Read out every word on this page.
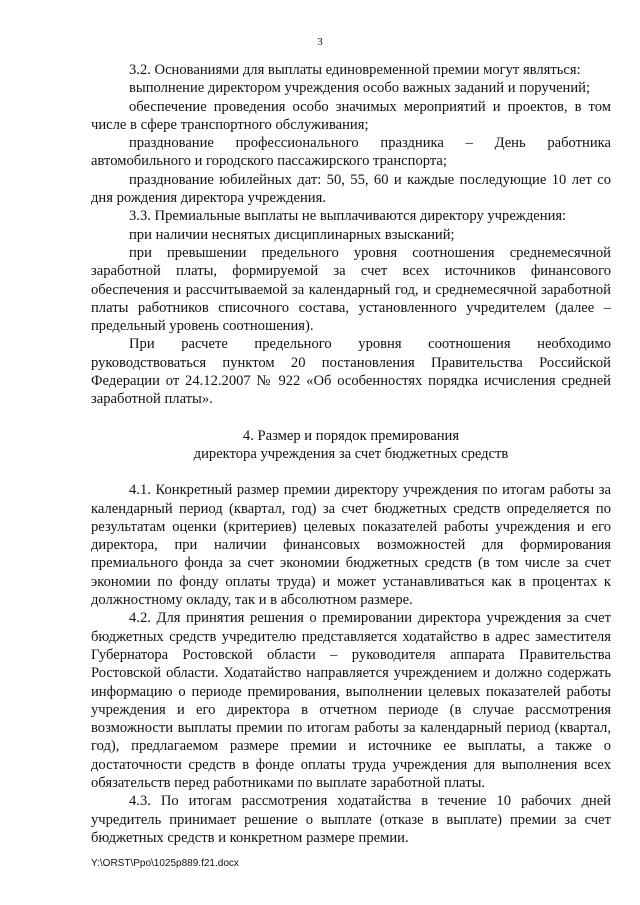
3

3.2. Основаниями для выплаты единовременной премии могут являться:

выполнение директором учреждения особо важных заданий и поручений;

обеспечение проведения особо значимых мероприятий и проектов, в том числе в сфере транспортного обслуживания;

празднование профессионального праздника – День работника автомобильного и городского пассажирского транспорта;

празднование юбилейных дат: 50, 55, 60 и каждые последующие 10 лет со дня рождения директора учреждения.

3.3. Премиальные выплаты не выплачиваются директору учреждения:

при наличии неснятых дисциплинарных взысканий;

при превышении предельного уровня соотношения среднемесячной заработной платы, формируемой за счет всех источников финансового обеспечения и рассчитываемой за календарный год, и среднемесячной заработной платы работников списочного состава, установленного учредителем (далее – предельный уровень соотношения).

При расчете предельного уровня соотношения необходимо руководствоваться пунктом 20 постановления Правительства Российской Федерации от 24.12.2007 № 922 «Об особенностях порядка исчисления средней заработной платы».

4. Размер и порядок премирования
директора учреждения за счет бюджетных средств

4.1. Конкретный размер премии директору учреждения по итогам работы за календарный период (квартал, год) за счет бюджетных средств определяется по результатам оценки (критериев) целевых показателей работы учреждения и его директора, при наличии финансовых возможностей для формирования премиального фонда за счет экономии бюджетных средств (в том числе за счет экономии по фонду оплаты труда) и может устанавливаться как в процентах к должностному окладу, так и в абсолютном размере.

4.2. Для принятия решения о премировании директора учреждения за счет бюджетных средств учредителю представляется ходатайство в адрес заместителя Губернатора Ростовской области – руководителя аппарата Правительства Ростовской области. Ходатайство направляется учреждением и должно содержать информацию о периоде премирования, выполнении целевых показателей работы учреждения и его директора в отчетном периоде (в случае рассмотрения возможности выплаты премии по итогам работы за календарный период (квартал, год), предлагаемом размере премии и источнике ее выплаты, а также о достаточности средств в фонде оплаты труда учреждения для выполнения всех обязательств перед работниками по выплате заработной платы.

4.3. По итогам рассмотрения ходатайства в течение 10 рабочих дней учредитель принимает решение о выплате (отказе в выплате) премии за счет бюджетных средств и конкретном размере премии.

Y:\ORST\Ppo\1025p889.f21.docx
